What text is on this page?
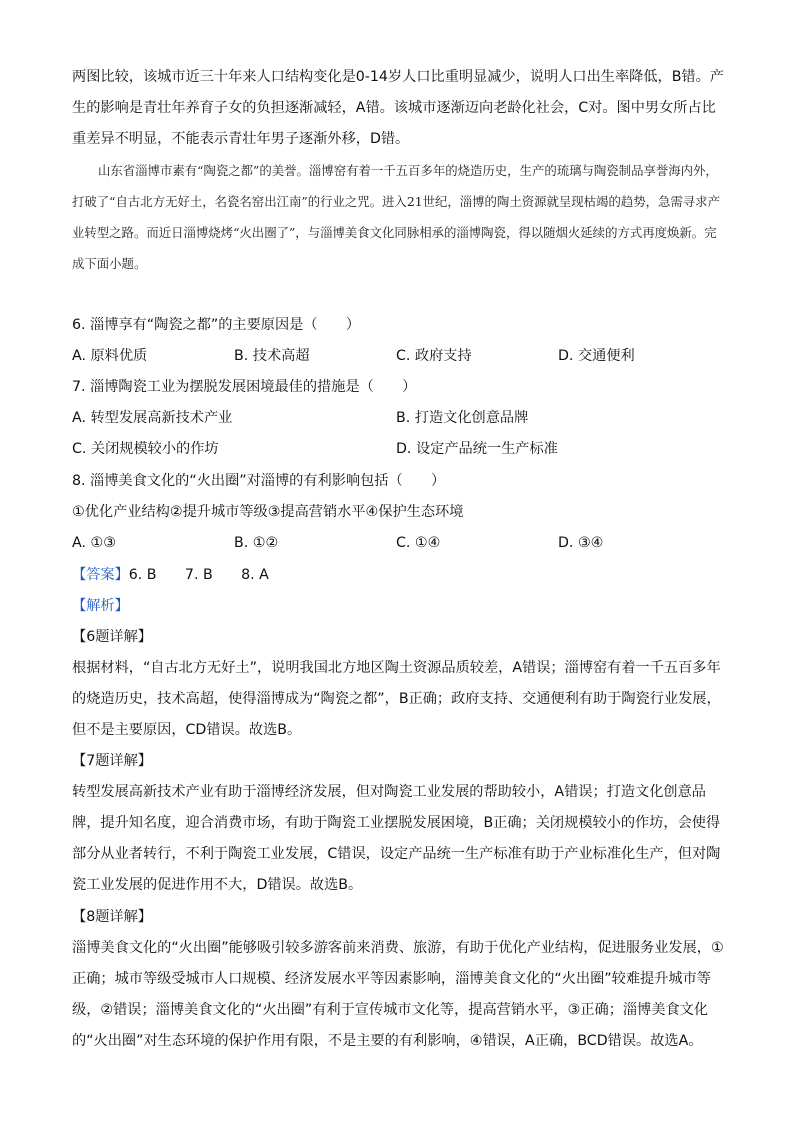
两图比较，该城市近三十年来人口结构变化是0-14岁人口比重明显减少，说明人口出生率降低，B错。产生的影响是青壮年养育子女的负担逐渐减轻，A错。该城市逐渐迈向老龄化社会，C对。图中男女所占比重差异不明显，不能表示青壮年男子逐渐外移，D错。

山东省淄博市素有“陶瓷之都”的美誉。淄博窑有着一千五百多年的烧造历史，生产的琉璃与陶瓷制品享誉海内外，打破了“自古北方无好土，名瓷名窑出江南”的行业之咒。进入21世纪，淄博的陶土资源就呈现枯竭的趋势，急需寻求产业转型之路。而近日淄博烧烤“火出圈了”，与淄博美食文化同脉相承的淄博陶瓷，得以随烟火延续的方式再度焕新。完成下面小题。

6. 淄博享有“陶瓷之都”的主要原因是（　　）
A. 原料优质	B. 技术高超	C. 政府支持	D. 交通便利
7. 淄博陶瓷工业为摆脱发展困境最佳的措施是（　　）
A. 转型发展高新技术产业	B. 打造文化创意品牌
C. 关闭规模较小的作坊	D. 设定产品统一生产标准
8. 淄博美食文化的“火出圈”对淄博的有利影响包括（　　）
①优化产业结构②提升城市等级③提高营销水平④保护生态环境
A. ①③	B. ①②	C. ①④	D. ③④
【答案】6. B　　7. B　　8. A
【解析】
【6题详解】

根据材料，“自古北方无好土”，说明我国北方地区陶土资源品质较差，A错误；淄博窑有着一千五百多年的烧造历史，技术高超，使得淄博成为“陶瓷之都”，B正确；政府支持、交通便利有助于陶瓷行业发展，但不是主要原因，CD错误。故选B。

【7题详解】

转型发展高新技术产业有助于淄博经济发展，但对陶瓷工业发展的帮助较小，A错误；打造文化创意品牌，提升知名度，迎合消费市场，有助于陶瓷工业摆脱发展困境，B正确；关闭规模较小的作坊，会使得部分从业者转行，不利于陶瓷工业发展，C错误，设定产品统一生产标准有助于产业标准化生产，但对陶瓷工业发展的促进作用不大，D错误。故选B。

【8题详解】

淄博美食文化的“火出圈”能够吸引较多游客前来消费、旅游，有助于优化产业结构，促进服务业发展，①正确；城市等级受城市人口规模、经济发展水平等因素影响，淄博美食文化的“火出圈”较难提升城市等级，②错误；淄博美食文化的“火出圈”有利于宣传城市文化等，提高营销水平，③正确；淄博美食文化的“火出圈”对生态环境的保护作用有限，不是主要的有利影响，④错误，A正确，BCD错误。故选A。
